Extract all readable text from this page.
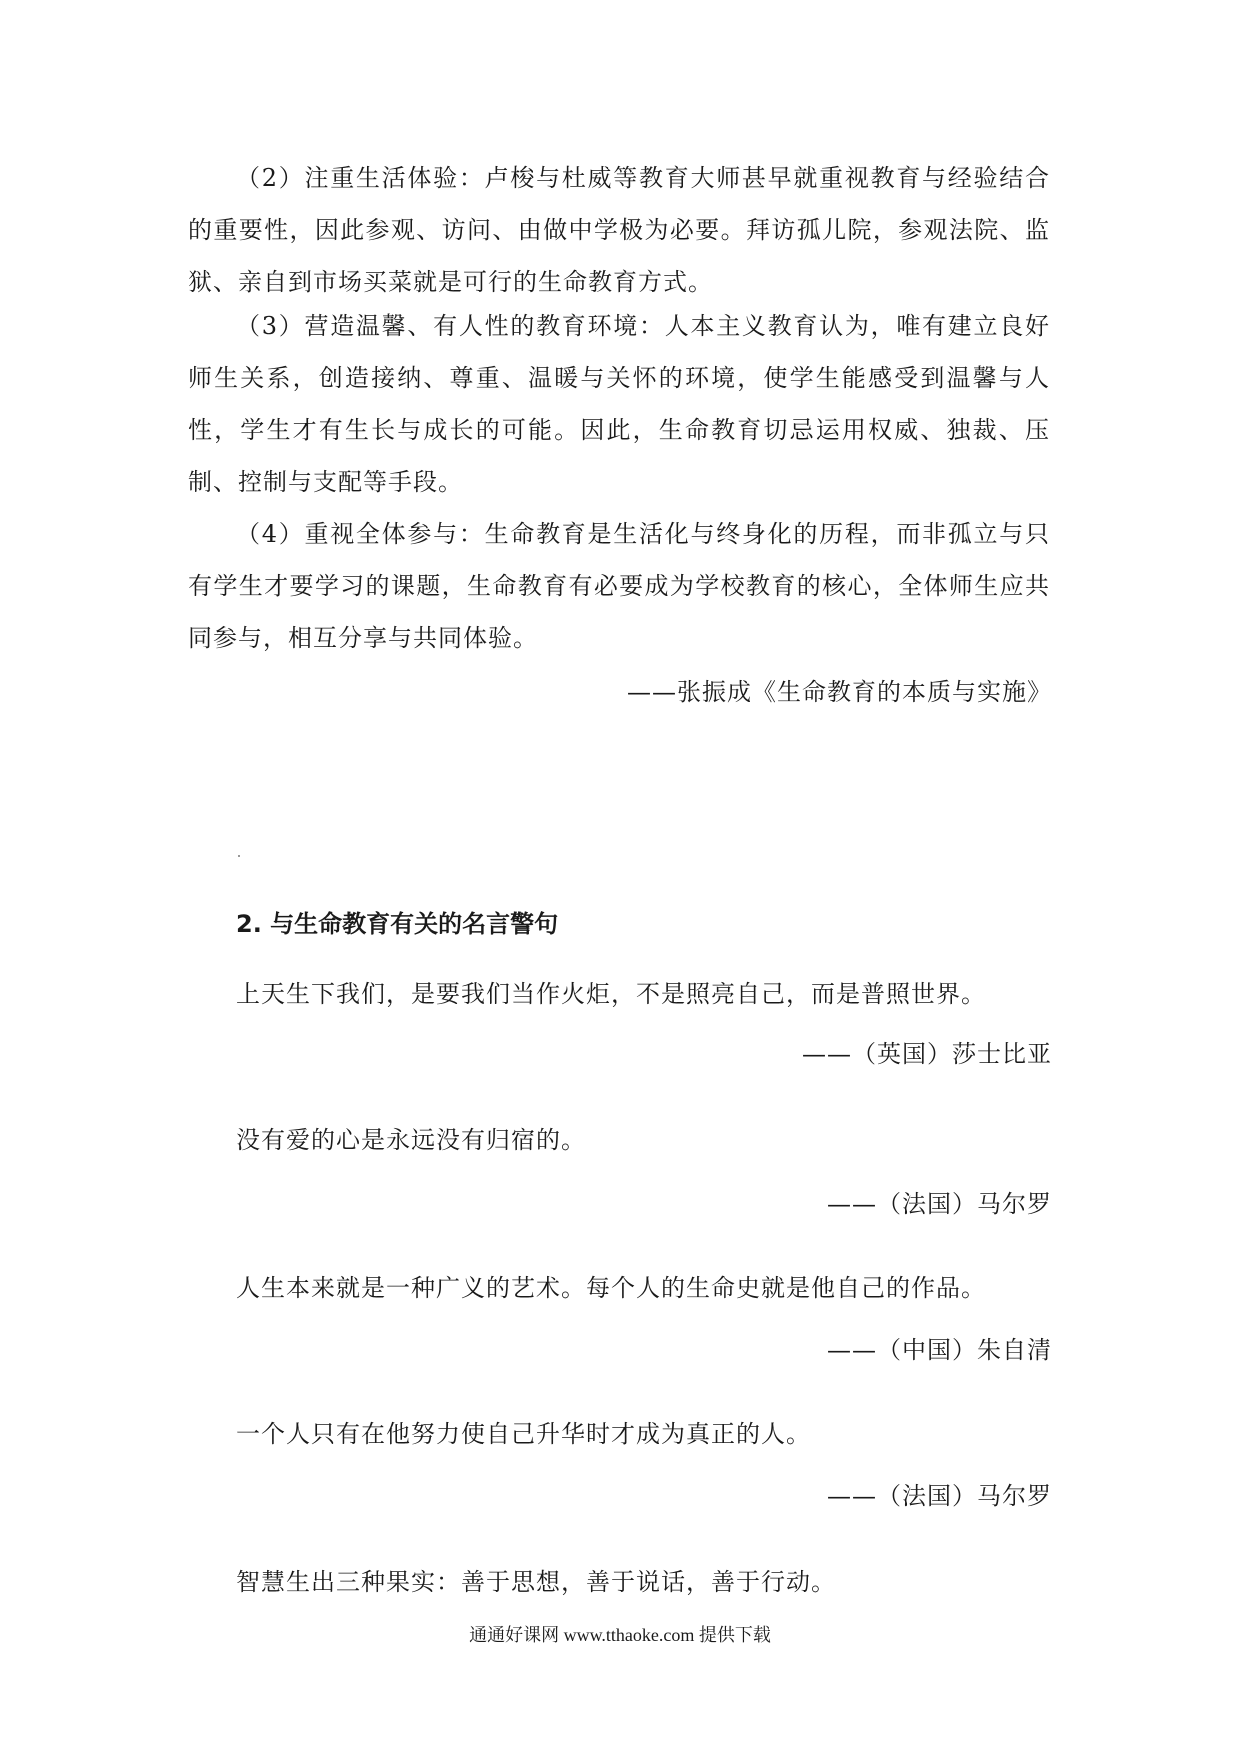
（2）注重生活体验：卢梭与杜威等教育大师甚早就重视教育与经验结合的重要性，因此参观、访问、由做中学极为必要。拜访孤儿院，参观法院、监狱、亲自到市场买菜就是可行的生命教育方式。

（3）营造温馨、有人性的教育环境：人本主义教育认为，唯有建立良好师生关系，创造接纳、尊重、温暖与关怀的环境，使学生能感受到温馨与人性，学生才有生长与成长的可能。因此，生命教育切忌运用权威、独裁、压制、控制与支配等手段。

（4）重视全体参与：生命教育是生活化与终身化的历程，而非孤立与只有学生才要学习的课题，生命教育有必要成为学校教育的核心，全体师生应共同参与，相互分享与共同体验。

——张振成《生命教育的本质与实施》

2. 与生命教育有关的名言警句

上天生下我们，是要我们当作火炬，不是照亮自己，而是普照世界。

——（英国）莎士比亚

没有爱的心是永远没有归宿的。

——（法国）马尔罗

人生本来就是一种广义的艺术。每个人的生命史就是他自己的作品。

——（中国）朱自清

一个人只有在他努力使自己升华时才成为真正的人。

——（法国）马尔罗

智慧生出三种果实：善于思想，善于说话，善于行动。

通通好课网 www.tthaoke.com 提供下载
